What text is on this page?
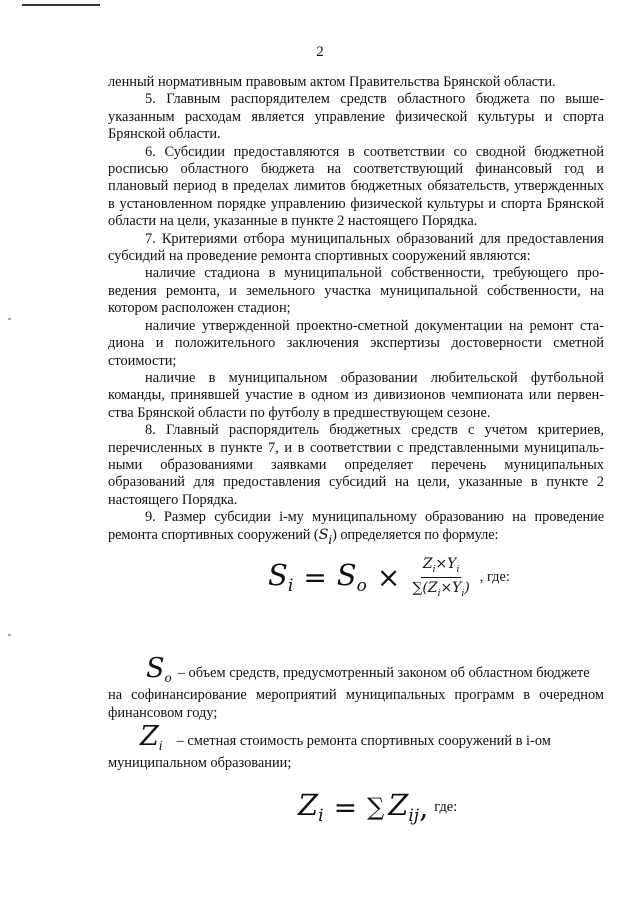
2

ленный нормативным правовым актом Правительства Брянской области.

5. Главным распорядителем средств областного бюджета по вышеуказанным расходам является управление физической культуры и спорта Брянской области.

6. Субсидии предоставляются в соответствии со сводной бюджетной росписью областного бюджета на соответствующий финансовый год и плановый период в пределах лимитов бюджетных обязательств, утвержденных в установленном порядке управлению физической культуры и спорта Брянской области на цели, указанные в пункте 2 настоящего Порядка.

7. Критериями отбора муниципальных образований для предоставления субсидий на проведение ремонта спортивных сооружений являются:

наличие стадиона в муниципальной собственности, требующего проведения ремонта, и земельного участка муниципальной собственности, на котором расположен стадион;

наличие утвержденной проектно-сметной документации на ремонт стадиона и положительного заключения экспертизы достоверности сметной стоимости;

наличие в муниципальном образовании любительской футбольной команды, принявшей участие в одном из дивизионов чемпионата или первенства Брянской области по футболу в предшествующем сезоне.

8. Главный распорядитель бюджетных средств с учетом критериев, перечисленных в пункте 7, и в соответствии с представленными муниципальными образованиями заявками определяет перечень муниципальных образований для предоставления субсидий на цели, указанные в пункте 2 настоящего Порядка.

9. Размер субсидии i-му муниципальному образованию на проведение ремонта спортивных сооружений $(S_i)$ определяется по формуле:

$S_i = S_o \times \frac{Z_i\times Y_i}{\sum(Z_i\times Y_i)}$ , где:
$S_o$ – объем средств, предусмотренный законом об областном бюджете
на софинансирование мероприятий муниципальных программ в очередном финансовом году;
$Z_i$ – сметная стоимость ремонта спортивных сооружений в i-ом
муниципальном образовании;
$Z_i$ = ∑ $Z_{ij}$ , где:
